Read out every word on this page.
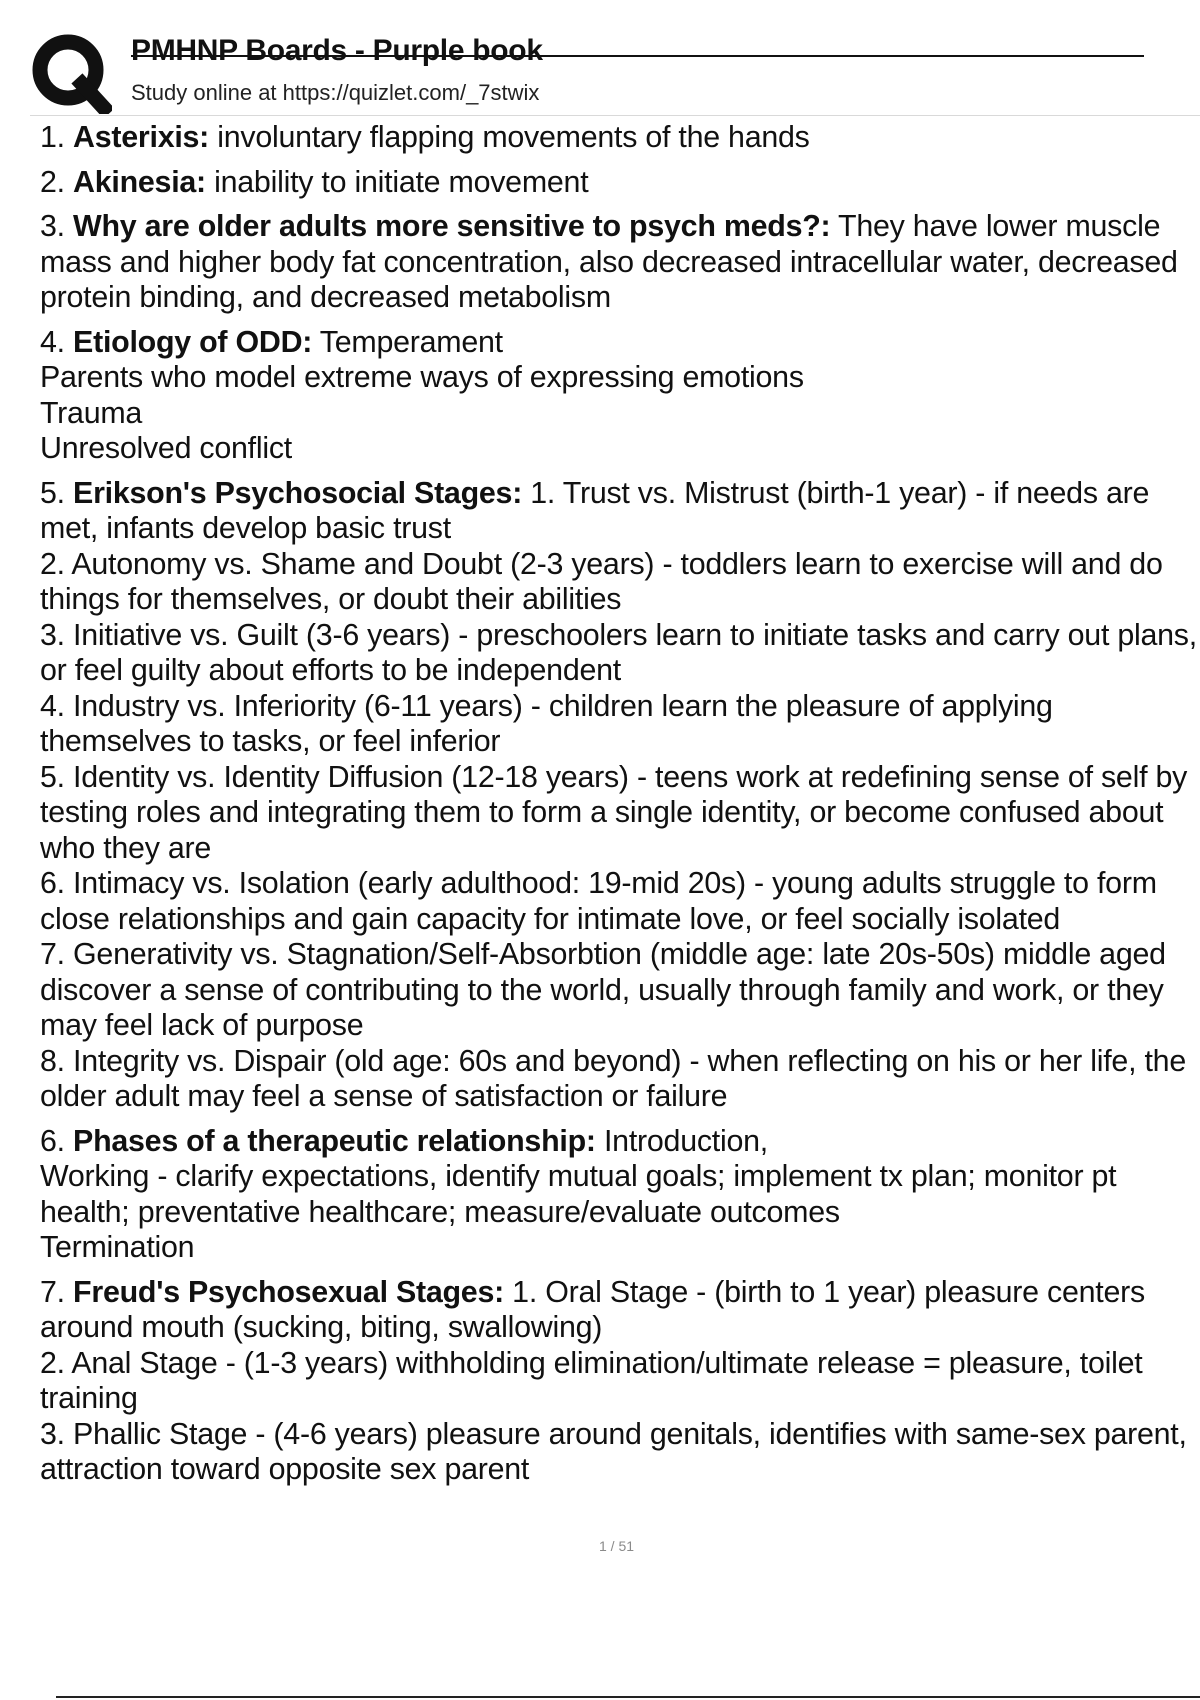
PMHNP Boards - Purple book
Study online at https://quizlet.com/_7stwix
1. Asterixis: involuntary flapping movements of the hands
2. Akinesia: inability to initiate movement
3. Why are older adults more sensitive to psych meds?: They have lower muscle mass and higher body fat concentration, also decreased intracellular water, decreased protein binding, and decreased metabolism
4. Etiology of ODD: Temperament
Parents who model extreme ways of expressing emotions
Trauma
Unresolved conflict
5. Erikson's Psychosocial Stages: 1. Trust vs. Mistrust (birth-1 year) - if needs are met, infants develop basic trust
2. Autonomy vs. Shame and Doubt (2-3 years) - toddlers learn to exercise will and do things for themselves, or doubt their abilities
3. Initiative vs. Guilt (3-6 years) - preschoolers learn to initiate tasks and carry out plans, or feel guilty about efforts to be independent
4. Industry vs. Inferiority (6-11 years) - children learn the pleasure of applying themselves to tasks, or feel inferior
5. Identity vs. Identity Diffusion (12-18 years) - teens work at redefining sense of self by testing roles and integrating them to form a single identity, or become confused about who they are
6. Intimacy vs. Isolation (early adulthood: 19-mid 20s) - young adults struggle to form close relationships and gain capacity for intimate love, or feel socially isolated
7. Generativity vs. Stagnation/Self-Absorbtion (middle age: late 20s-50s) middle aged discover a sense of contributing to the world, usually through family and work, or they may feel lack of purpose
8. Integrity vs. Dispair (old age: 60s and beyond) - when reflecting on his or her life, the older adult may feel a sense of satisfaction or failure
6. Phases of a therapeutic relationship: Introduction,
Working - clarify expectations, identify mutual goals; implement tx plan; monitor pt health; preventative healthcare; measure/evaluate outcomes
Termination
7. Freud's Psychosexual Stages: 1. Oral Stage - (birth to 1 year) pleasure centers around mouth (sucking, biting, swallowing)
2. Anal Stage - (1-3 years) withholding elimination/ultimate release = pleasure, toilet training
3. Phallic Stage - (4-6 years) pleasure around genitals, identifies with same-sex parent, attraction toward opposite sex parent
1 / 51
